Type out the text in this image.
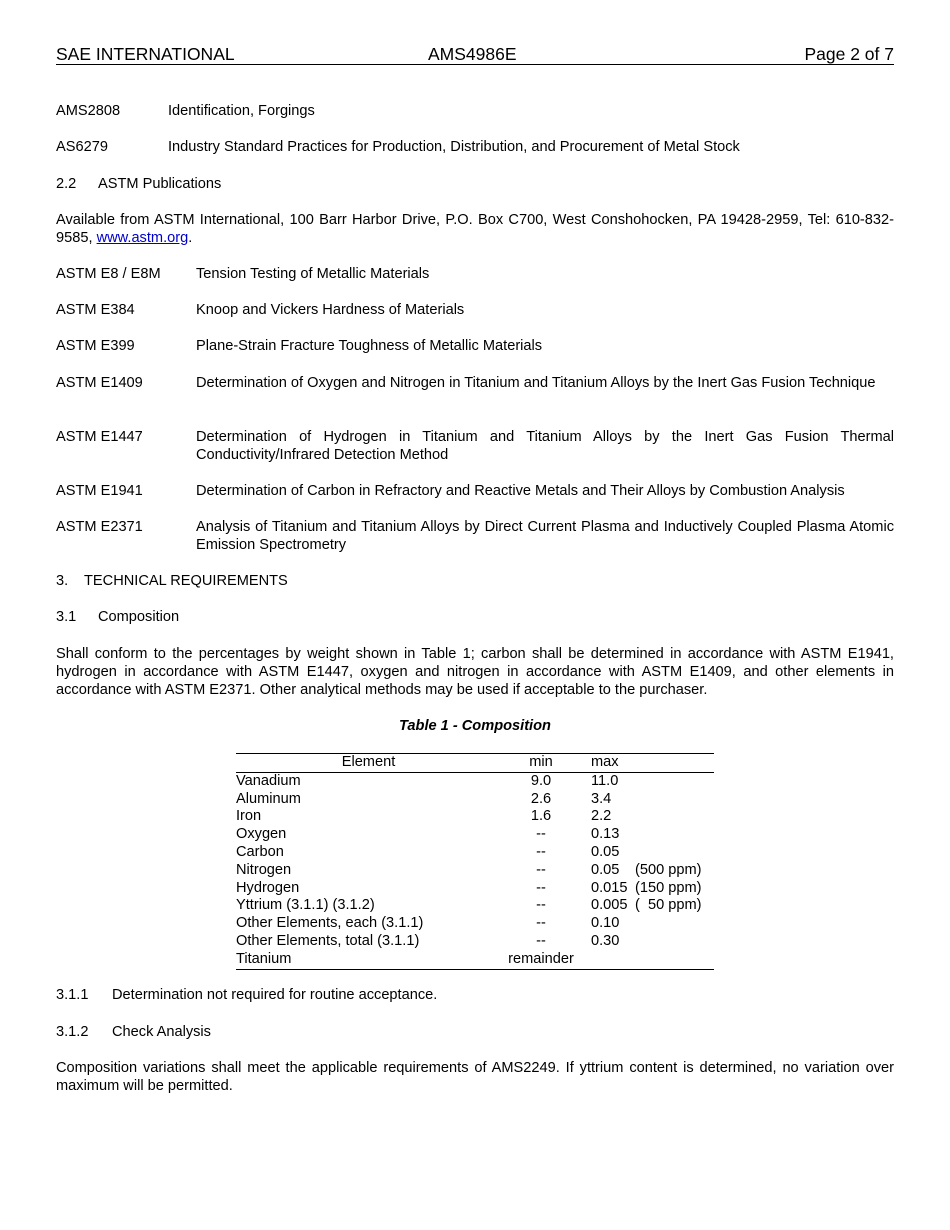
SAE INTERNATIONAL	AMS4986E	Page 2 of 7
AMS2808	Identification, Forgings
AS6279	Industry Standard Practices for Production, Distribution, and Procurement of Metal Stock
2.2 ASTM Publications
Available from ASTM International, 100 Barr Harbor Drive, P.O. Box C700, West Conshohocken, PA 19428-2959, Tel: 610-832-9585, www.astm.org.
ASTM E8 / E8M Tension Testing of Metallic Materials
ASTM E384	Knoop and Vickers Hardness of Materials
ASTM E399	Plane-Strain Fracture Toughness of Metallic Materials
ASTM E1409	Determination of Oxygen and Nitrogen in Titanium and Titanium Alloys by the Inert Gas Fusion Technique
ASTM E1447	Determination of Hydrogen in Titanium and Titanium Alloys by the Inert Gas Fusion Thermal Conductivity/Infrared Detection Method
ASTM E1941	Determination of Carbon in Refractory and Reactive Metals and Their Alloys by Combustion Analysis
ASTM E2371	Analysis of Titanium and Titanium Alloys by Direct Current Plasma and Inductively Coupled Plasma Atomic Emission Spectrometry
3. TECHNICAL REQUIREMENTS
3.1 Composition
Shall conform to the percentages by weight shown in Table 1; carbon shall be determined in accordance with ASTM E1941, hydrogen in accordance with ASTM E1447, oxygen and nitrogen in accordance with ASTM E1409, and other elements in accordance with ASTM E2371. Other analytical methods may be used if acceptable to the purchaser.
Table 1 - Composition
Element	min	max	
Vanadium	9.0	11.0	
Aluminum	2.6	3.4	
Iron	1.6	2.2	
Oxygen	--	0.13	
Carbon	--	0.05	
Nitrogen	--	0.05	(500 ppm)
Hydrogen	--	0.015	(150 ppm)
Yttrium (3.1.1) (3.1.2)	--	0.005	(  50 ppm)
Other Elements, each (3.1.1)	--	0.10	
Other Elements, total (3.1.1)	--	0.30	
Titanium	remainder		
3.1.1 Determination not required for routine acceptance.
3.1.2 Check Analysis
Composition variations shall meet the applicable requirements of AMS2249. If yttrium content is determined, no variation over maximum will be permitted.
